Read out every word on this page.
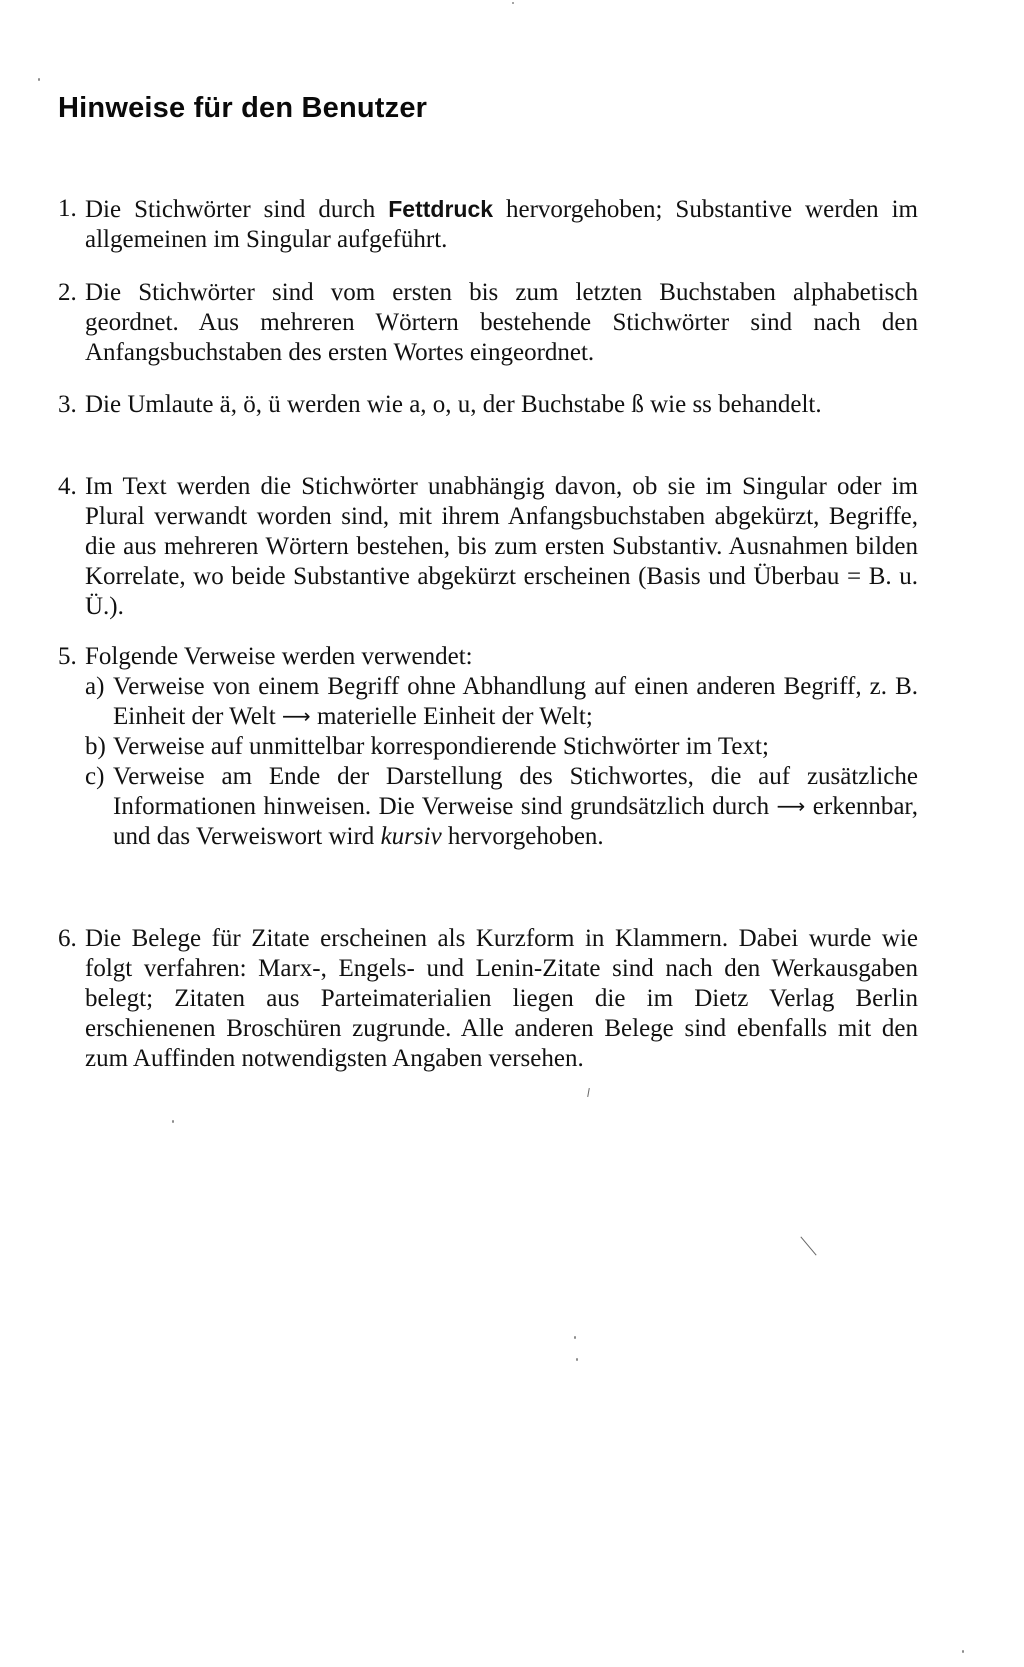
Hinweise für den Benutzer
1. Die Stichwörter sind durch Fettdruck hervorgehoben; Substantive werden im allgemeinen im Singular aufgeführt.
2. Die Stichwörter sind vom ersten bis zum letzten Buchstaben alphabetisch geordnet. Aus mehreren Wörtern bestehende Stichwörter sind nach den Anfangsbuchstaben des ersten Wortes eingeordnet.
3. Die Umlaute ä, ö, ü werden wie a, o, u, der Buchstabe ß wie ss behandelt.
4. Im Text werden die Stichwörter unabhängig davon, ob sie im Singular oder im Plural verwandt worden sind, mit ihrem Anfangsbuchstaben abgekürzt, Begriffe, die aus mehreren Wörtern bestehen, bis zum ersten Substantiv. Ausnahmen bilden Korrelate, wo beide Substantive abgekürzt erscheinen (Basis und Überbau = B. u. Ü.).
5. Folgende Verweise werden verwendet:
a) Verweise von einem Begriff ohne Abhandlung auf einen anderen Begriff, z. B. Einheit der Welt ⟶ materielle Einheit der Welt;
b) Verweise auf unmittelbar korrespondierende Stichwörter im Text;
c) Verweise am Ende der Darstellung des Stichwortes, die auf zusätzliche Informationen hinweisen. Die Verweise sind grundsätzlich durch ⟶ erkennbar, und das Verweiswort wird kursiv hervorgehoben.
6. Die Belege für Zitate erscheinen als Kurzform in Klammern. Dabei wurde wie folgt verfahren: Marx-, Engels- und Lenin-Zitate sind nach den Werkausgaben belegt; Zitaten aus Parteimaterialien liegen die im Dietz Verlag Berlin erschienenen Broschüren zugrunde. Alle anderen Belege sind ebenfalls mit den zum Auffinden notwendigsten Angaben versehen.
